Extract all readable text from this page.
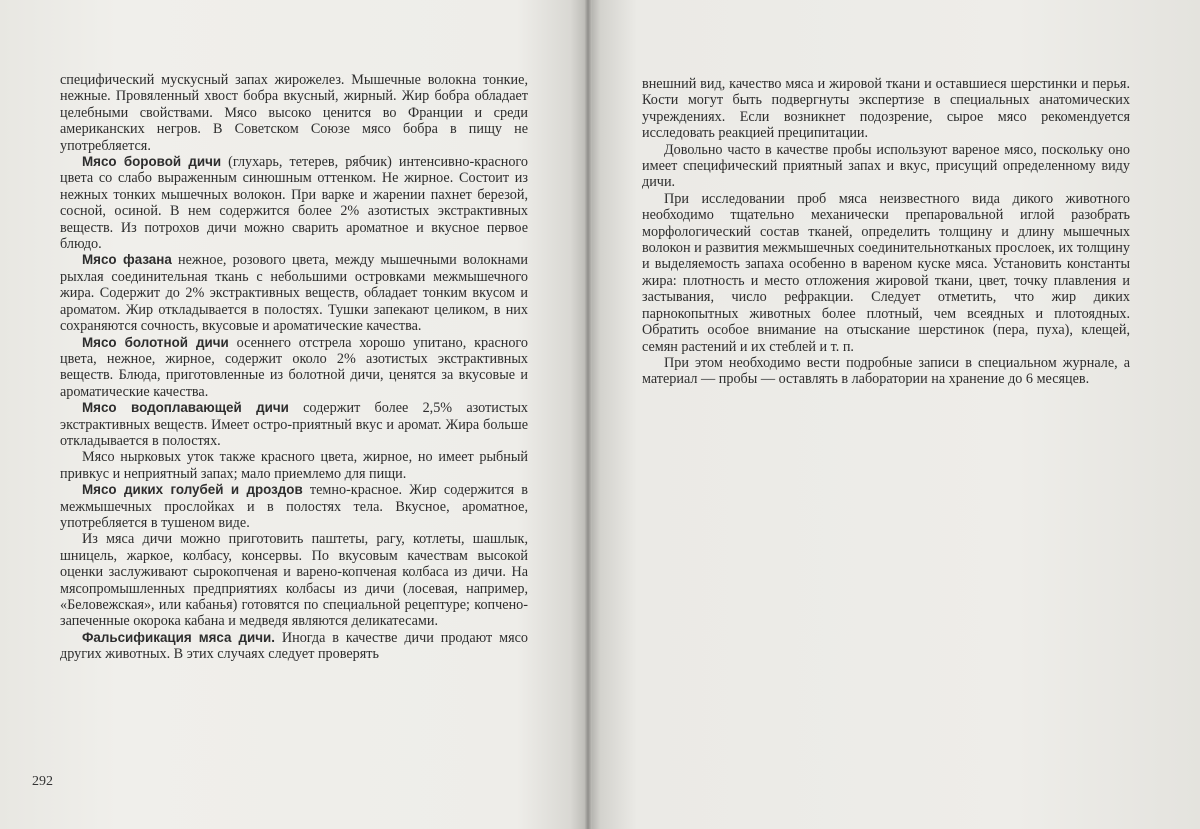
специфический мускусный запах жирожелез. Мышечные волокна тонкие, нежные. Провяленный хвост бобра вкусный, жирный. Жир бобра обладает целебными свойствами. Мясо высоко ценится во Франции и среди американских негров. В Советском Союзе мясо бобра в пищу не употребляется.

Мясо боровой дичи (глухарь, тетерев, рябчик) интенсивно-красного цвета со слабо выраженным синюшным оттенком. Не жирное. Состоит из нежных тонких мышечных волокон. При варке и жарении пахнет березой, сосной, осиной. В нем содержится более 2% азотистых экстрактивных веществ. Из потрохов дичи можно сварить ароматное и вкусное первое блюдо.

Мясо фазана нежное, розового цвета, между мышечными волокнами рыхлая соединительная ткань с небольшими островками межмышечного жира. Содержит до 2% экстрактивных веществ, обладает тонким вкусом и ароматом. Жир откладывается в полостях. Тушки запекают целиком, в них сохраняются сочность, вкусовые и ароматические качества.

Мясо болотной дичи осеннего отстрела хорошо упитано, красного цвета, нежное, жирное, содержит около 2% азотистых экстрактивных веществ. Блюда, приготовленные из болотной дичи, ценятся за вкусовые и ароматические качества.

Мясо водоплавающей дичи содержит более 2,5% азотистых экстрактивных веществ. Имеет остро-приятный вкус и аромат. Жира больше откладывается в полостях.

Мясо нырковых уток также красного цвета, жирное, но имеет рыбный привкус и неприятный запах; мало приемлемо для пищи.

Мясо диких голубей и дроздов темно-красное. Жир содержится в межмышечных прослойках и в полостях тела. Вкусное, ароматное, употребляется в тушеном виде.

Из мяса дичи можно приготовить паштеты, рагу, котлеты, шашлык, шницель, жаркое, колбасу, консервы. По вкусовым качествам высокой оценки заслуживают сырокопченая и варено-копченая колбаса из дичи. На мясопромышленных предприятиях колбасы из дичи (лосевая, например, «Беловежская», или кабанья) готовятся по специальной рецептуре; копчено-запеченные окорока кабана и медведя являются деликатесами.

Фальсификация мяса дичи. Иногда в качестве дичи продают мясо других животных. В этих случаях следует проверять

292

внешний вид, качество мяса и жировой ткани и оставшиеся шерстинки и перья. Кости могут быть подвергнуты экспертизе в специальных анатомических учреждениях. Если возникнет подозрение, сырое мясо рекомендуется исследовать реакцией преципитации.

Довольно часто в качестве пробы используют вареное мясо, поскольку оно имеет специфический приятный запах и вкус, присущий определенному виду дичи.

При исследовании проб мяса неизвестного вида дикого животного необходимо тщательно механически препаровальной иглой разобрать морфологический состав тканей, определить толщину и длину мышечных волокон и развития межмышечных соединительнотканых прослоек, их толщину и выделяемость запаха особенно в вареном куске мяса. Установить константы жира: плотность и место отложения жировой ткани, цвет, точку плавления и застывания, число рефракции. Следует отметить, что жир диких парнокопытных животных более плотный, чем всеядных и плотоядных. Обратить особое внимание на отыскание шерстинок (пера, пуха), клещей, семян растений и их стеблей и т. п.

При этом необходимо вести подробные записи в специальном журнале, а материал — пробы — оставлять в лаборатории на хранение до 6 месяцев.
